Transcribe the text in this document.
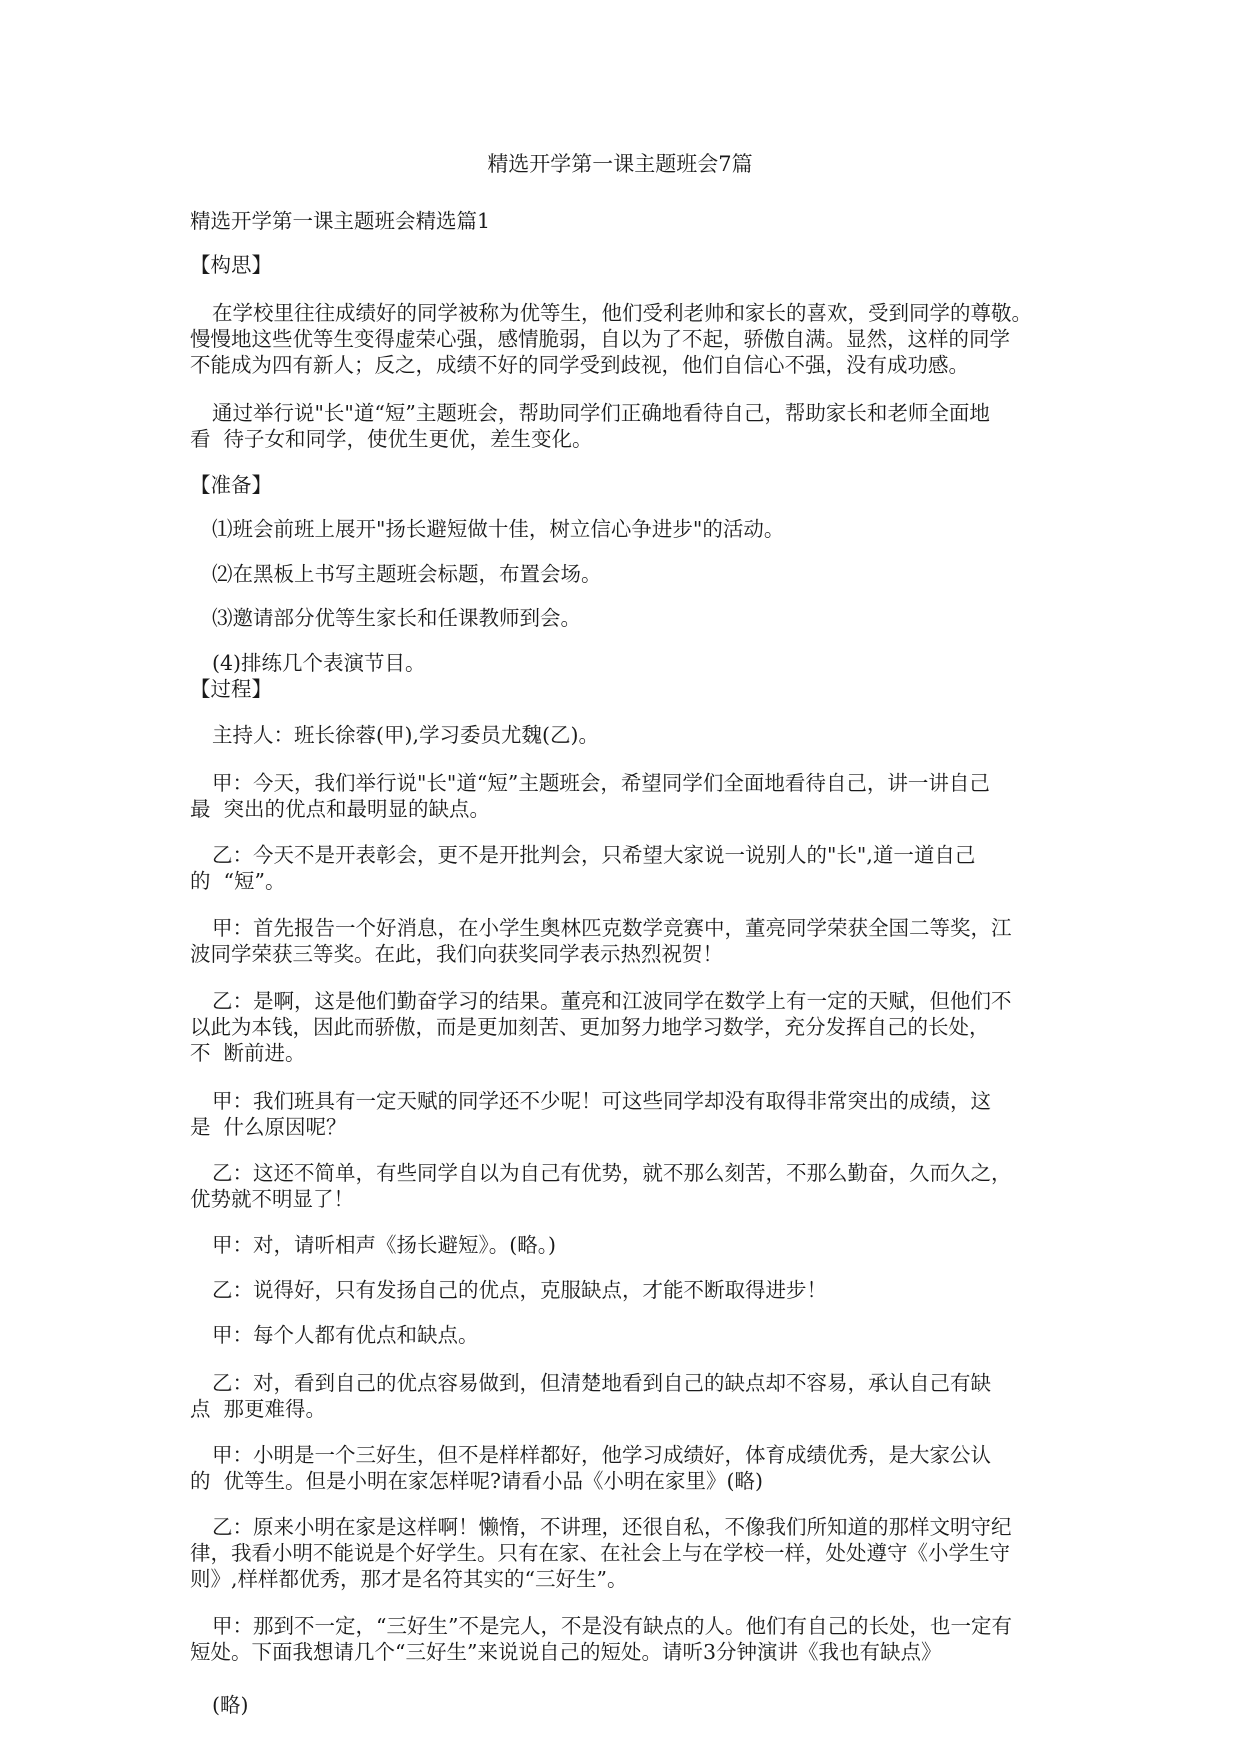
精选开学第一课主题班会7篇

精选开学第一课主题班会精选篇1

【构思】

在学校里往往成绩好的同学被称为优等生，他们受利老帅和家长的喜欢，受到同学的尊敬。
慢慢地这些优等生变得虚荣心强，感情脆弱，自以为了不起，骄傲自满。显然，这样的同学
不能成为四有新人；反之，成绩不好的同学受到歧视，他们自信心不强，没有成功感。

通过举行说"长"道“短”主题班会，帮助同学们正确地看待自己，帮助家长和老师全面地
看  待子女和同学，使优生更优，差生变化。

【准备】

⑴班会前班上展开"扬长避短做十佳，树立信心争进步"的活动。

⑵在黑板上书写主题班会标题，布置会场。

⑶邀请部分优等生家长和任课教师到会。

(4)排练几个表演节目。

【过程】

主持人：班长徐蓉(甲),学习委员尤魏(乙)。

甲：今天，我们举行说"长"道“短”主题班会，希望同学们全面地看待自己，讲一讲自己
最  突出的优点和最明显的缺点。

乙：今天不是开表彰会，更不是开批判会，只希望大家说一说别人的"长",道一道自己
的  “短”。

甲：首先报告一个好消息，在小学生奥林匹克数学竞赛中，董亮同学荣获全国二等奖，江
波同学荣获三等奖。在此，我们向获奖同学表示热烈祝贺！

乙：是啊，这是他们勤奋学习的结果。董亮和江波同学在数学上有一定的天赋，但他们不
以此为本钱，因此而骄傲，而是更加刻苦、更加努力地学习数学，充分发挥自己的长处，
不  断前进。

甲：我们班具有一定天赋的同学还不少呢！可这些同学却没有取得非常突出的成绩，这
是  什么原因呢？

乙：这还不简单，有些同学自以为自己有优势，就不那么刻苦，不那么勤奋，久而久之，
优势就不明显了！

甲：对，请听相声《扬长避短》。(略。)

乙：说得好，只有发扬自己的优点，克服缺点，才能不断取得进步！

甲：每个人都有优点和缺点。

乙：对，看到自己的优点容易做到，但清楚地看到自己的缺点却不容易，承认自己有缺
点  那更难得。

甲：小明是一个三好生，但不是样样都好，他学习成绩好，体育成绩优秀，是大家公认
的  优等生。但是小明在家怎样呢?请看小品《小明在家里》(略)

乙：原来小明在家是这样啊！懒惰，不讲理，还很自私，不像我们所知道的那样文明守纪
律，我看小明不能说是个好学生。只有在家、在社会上与在学校一样，处处遵守《小学生守
则》,样样都优秀，那才是名符其实的“三好生”。

甲：那到不一定，“三好生”不是完人，不是没有缺点的人。他们有自己的长处，也一定有
短处。下面我想请几个“三好生”来说说自己的短处。请听3分钟演讲《我也有缺点》

(略)
